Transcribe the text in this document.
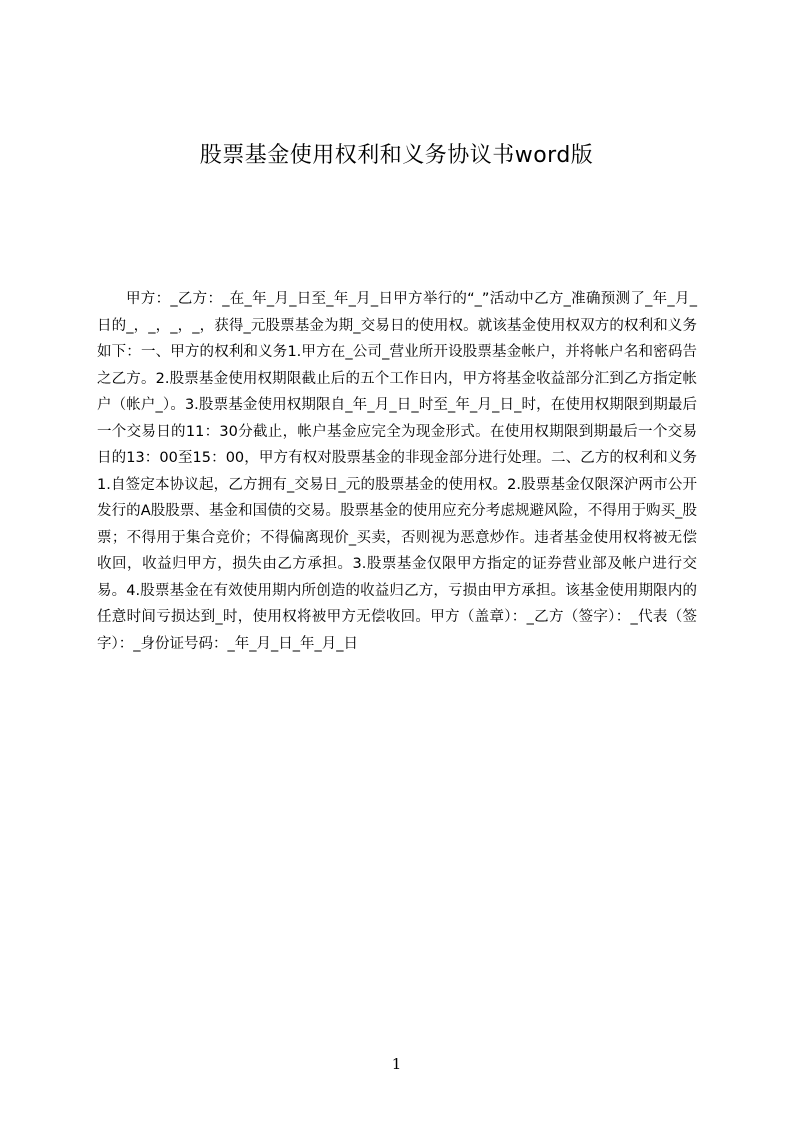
股票基金使用权利和义务协议书word版

甲方：_乙方：_在_年_月_日至_年_月_日甲方举行的“_”活动中乙方_准确预测了_年_月_日的_，_，_，_，获得_元股票基金为期_交易日的使用权。就该基金使用权双方的权利和义务如下：一、甲方的权利和义务1.甲方在_公司_营业所开设股票基金帐户，并将帐户名和密码告之乙方。2.股票基金使用权期限截止后的五个工作日内，甲方将基金收益部分汇到乙方指定帐户（帐户_）。3.股票基金使用权期限自_年_月_日_时至_年_月_日_时，在使用权期限到期最后一个交易日的11：30分截止，帐户基金应完全为现金形式。在使用权期限到期最后一个交易日的13：00至15：00，甲方有权对股票基金的非现金部分进行处理。二、乙方的权利和义务1.自签定本协议起，乙方拥有_交易日_元的股票基金的使用权。2.股票基金仅限深沪两市公开发行的A股股票、基金和国债的交易。股票基金的使用应充分考虑规避风险，不得用于购买_股票；不得用于集合竞价；不得偏离现价_买卖，否则视为恶意炒作。违者基金使用权将被无偿收回，收益归甲方，损失由乙方承担。3.股票基金仅限甲方指定的证券营业部及帐户进行交易。4.股票基金在有效使用期内所创造的收益归乙方，亏损由甲方承担。该基金使用期限内的任意时间亏损达到_时，使用权将被甲方无偿收回。甲方（盖章）：_乙方（签字）：_代表（签字）：_身份证号码：_年_月_日_年_月_日

1
